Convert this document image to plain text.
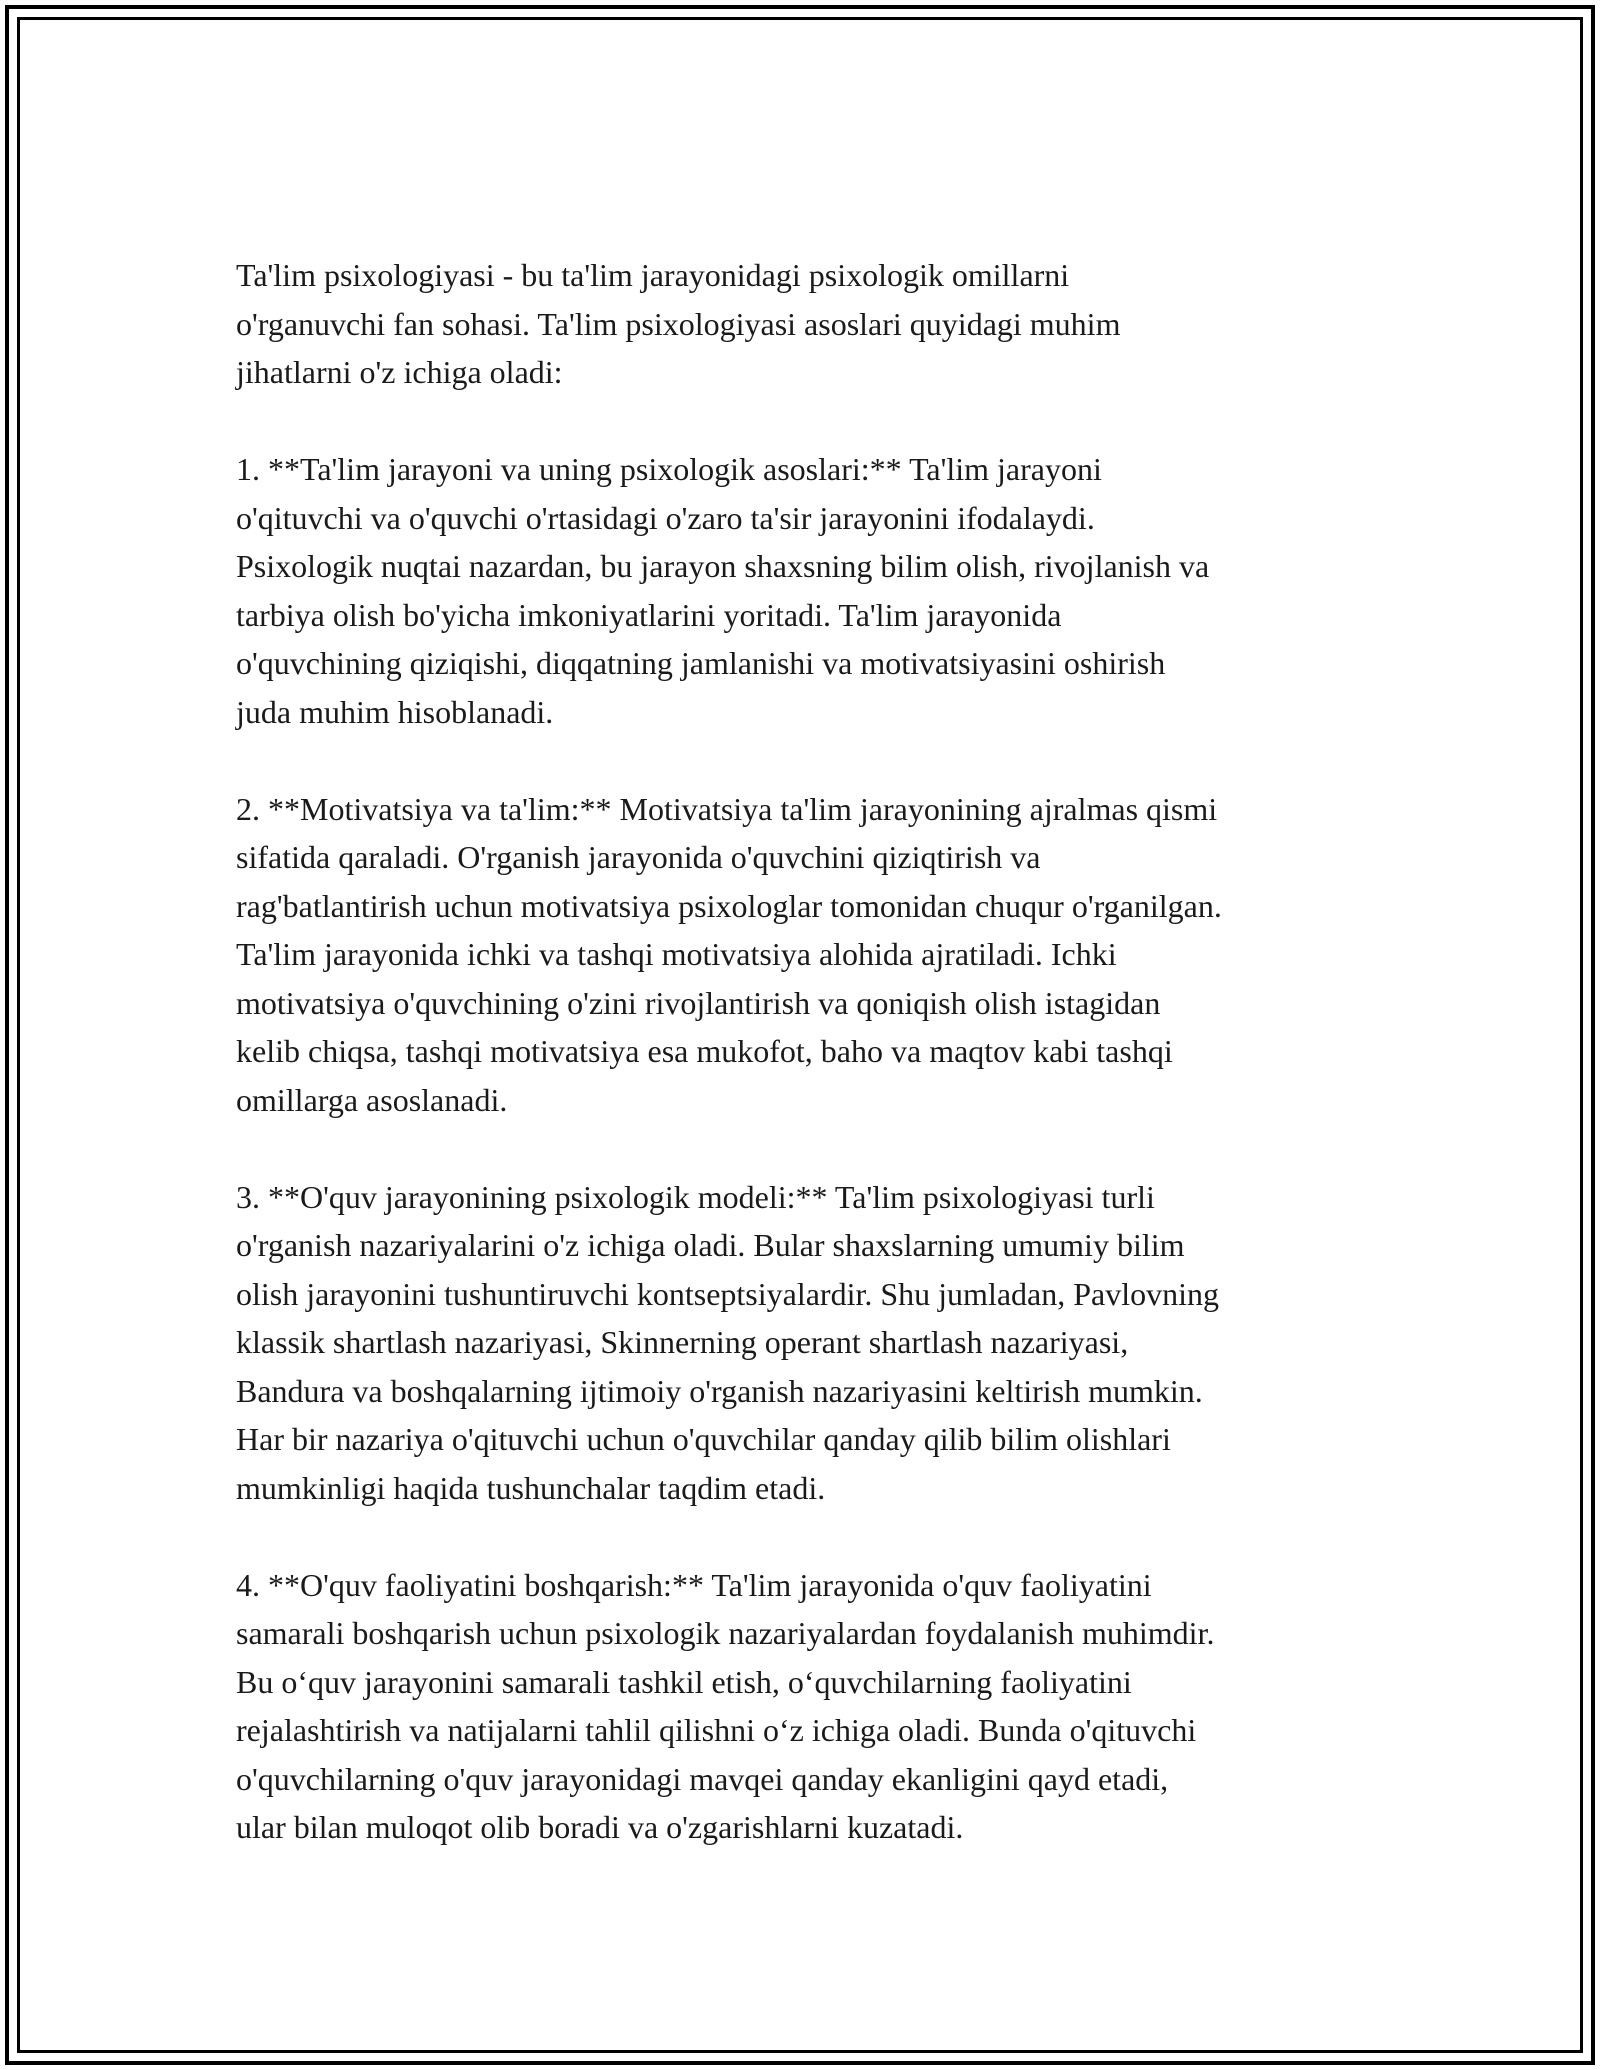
Ta'lim psixologiyasi - bu ta'lim jarayonidagi psixologik omillarni
o'rganuvchi fan sohasi. Ta'lim psixologiyasi asoslari quyidagi muhim
jihatlarni o'z ichiga oladi:

1. **Ta'lim jarayoni va uning psixologik asoslari:** Ta'lim jarayoni
o'qituvchi va o'quvchi o'rtasidagi o'zaro ta'sir jarayonini ifodalaydi.
Psixologik nuqtai nazardan, bu jarayon shaxsning bilim olish, rivojlanish va
tarbiya olish bo'yicha imkoniyatlarini yoritadi. Ta'lim jarayonida
o'quvchining qiziqishi, diqqatning jamlanishi va motivatsiyasini oshirish
juda muhim hisoblanadi.

2. **Motivatsiya va ta'lim:** Motivatsiya ta'lim jarayonining ajralmas qismi
sifatida qaraladi. O'rganish jarayonida o'quvchini qiziqtirish va
rag'batlantirish uchun motivatsiya psixologlar tomonidan chuqur o'rganilgan.
Ta'lim jarayonida ichki va tashqi motivatsiya alohida ajratiladi. Ichki
motivatsiya o'quvchining o'zini rivojlantirish va qoniqish olish istagidan
kelib chiqsa, tashqi motivatsiya esa mukofot, baho va maqtov kabi tashqi
omillarga asoslanadi.

3. **O'quv jarayonining psixologik modeli:** Ta'lim psixologiyasi turli
o'rganish nazariyalarini o'z ichiga oladi. Bular shaxslarning umumiy bilim
olish jarayonini tushuntiruvchi kontseptsiyalardir. Shu jumladan, Pavlovning
klassik shartlash nazariyasi, Skinnerning operant shartlash nazariyasi,
Bandura va boshqalarning ijtimoiy o'rganish nazariyasini keltirish mumkin.
Har bir nazariya o'qituvchi uchun o'quvchilar qanday qilib bilim olishlari
mumkinligi haqida tushunchalar taqdim etadi.

4. **O'quv faoliyatini boshqarish:** Ta'lim jarayonida o'quv faoliyatini
samarali boshqarish uchun psixologik nazariyalardan foydalanish muhimdir.
Bu o‘quv jarayonini samarali tashkil etish, o‘quvchilarning faoliyatini
rejalashtirish va natijalarni tahlil qilishni o‘z ichiga oladi. Bunda o'qituvchi
o'quvchilarning o'quv jarayonidagi mavqei qanday ekanligini qayd etadi,
ular bilan muloqot olib boradi va o'zgarishlarni kuzatadi.
